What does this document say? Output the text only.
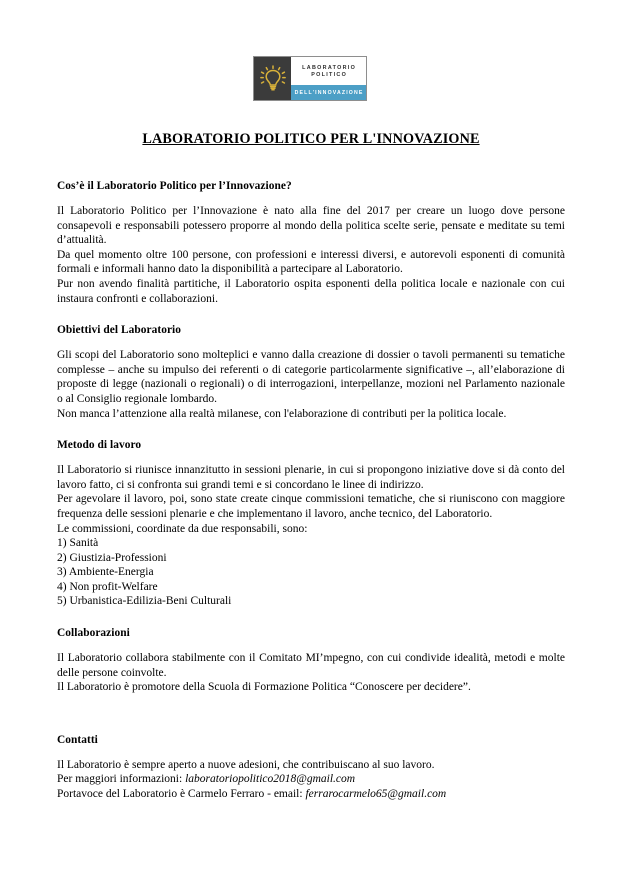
LABORATORIO
POLITICO
DELL'INNOVAZIONE
LABORATORIO POLITICO PER L'INNOVAZIONE
Cos’è il Laboratorio Politico per l’Innovazione?

Il Laboratorio Politico per l’Innovazione è nato alla fine del 2017 per creare un luogo dove persone consapevoli e responsabili potessero proporre al mondo della politica scelte serie, pensate e meditate su temi d’attualità.

Da quel momento oltre 100 persone, con professioni e interessi diversi, e autorevoli esponenti di comunità formali e informali hanno dato la disponibilità a partecipare al Laboratorio.

Pur non avendo finalità partitiche, il Laboratorio ospita esponenti della politica locale e nazionale con cui instaura confronti e collaborazioni.

Obiettivi del Laboratorio

Gli scopi del Laboratorio sono molteplici e vanno dalla creazione di dossier o tavoli permanenti su tematiche complesse – anche su impulso dei referenti o di categorie particolarmente significative –, all’elaborazione di proposte di legge (nazionali o regionali) o di interrogazioni, interpellanze, mozioni nel Parlamento nazionale o al Consiglio regionale lombardo.

Non manca l’attenzione alla realtà milanese, con l'elaborazione di contributi per la politica locale.

Metodo di lavoro

Il Laboratorio si riunisce innanzitutto in sessioni plenarie, in cui si propongono iniziative dove si dà conto del lavoro fatto, ci si confronta sui grandi temi e si concordano le linee di indirizzo.

Per agevolare il lavoro, poi, sono state create cinque commissioni tematiche, che si riuniscono con maggiore frequenza delle sessioni plenarie e che implementano il lavoro, anche tecnico, del Laboratorio.

Le commissioni, coordinate da due responsabili, sono:

1) Sanità
2) Giustizia-Professioni
3) Ambiente-Energia
4) Non profit-Welfare
5) Urbanistica-Edilizia-Beni Culturali
Collaborazioni

Il Laboratorio collabora stabilmente con il Comitato MI’mpegno, con cui condivide idealità, metodi e molte delle persone coinvolte.

Il Laboratorio è promotore della Scuola di Formazione Politica “Conoscere per decidere”.

Contatti

Il Laboratorio è sempre aperto a nuove adesioni, che contribuiscano al suo lavoro.

Per maggiori informazioni: laboratoriopolitico2018@gmail.com

Portavoce del Laboratorio è Carmelo Ferraro - email: ferrarocarmelo65@gmail.com
